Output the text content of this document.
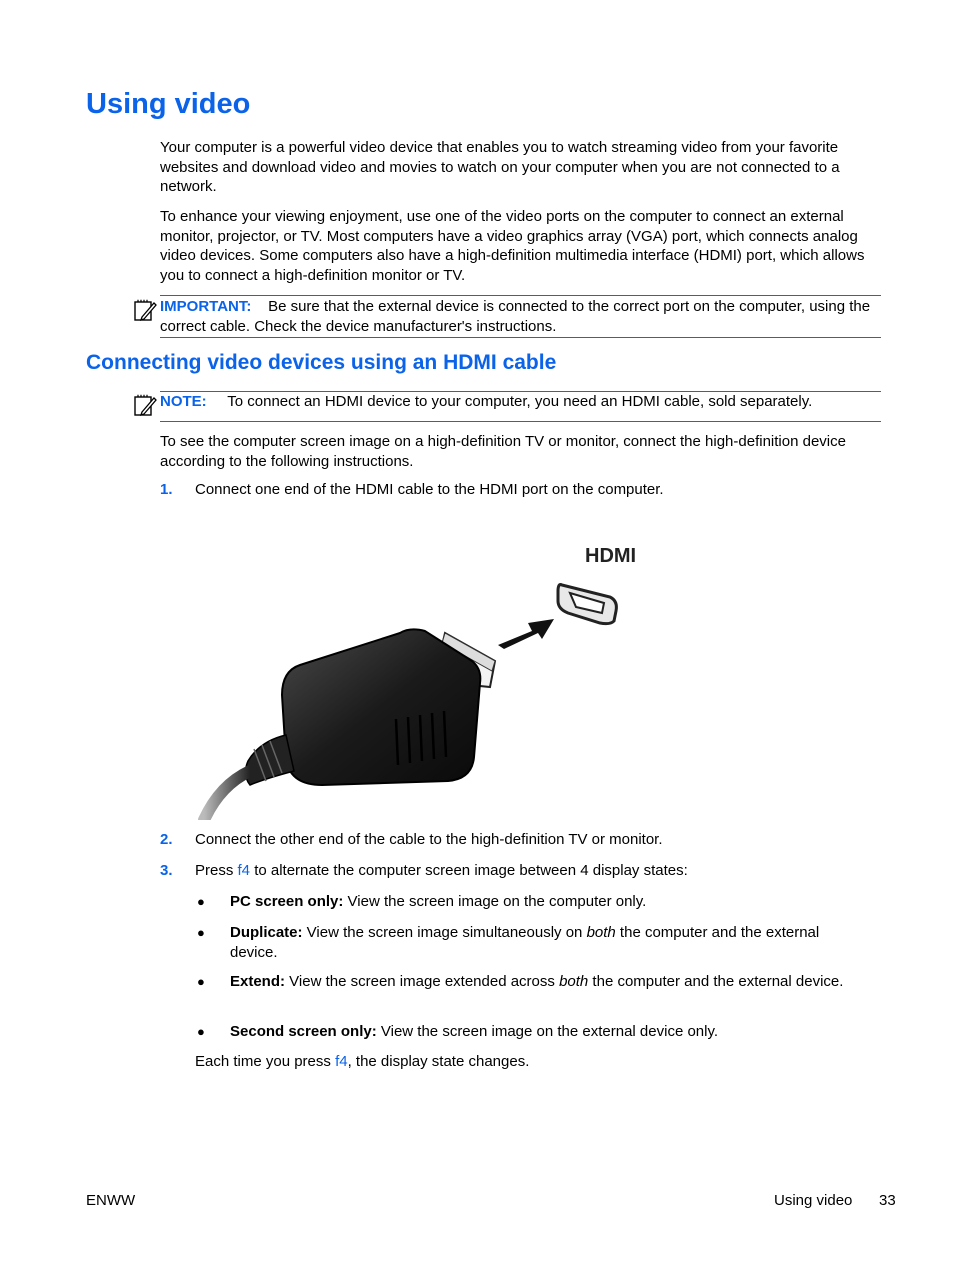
Using video
Your computer is a powerful video device that enables you to watch streaming video from your favorite websites and download video and movies to watch on your computer when you are not connected to a network.
To enhance your viewing enjoyment, use one of the video ports on the computer to connect an external monitor, projector, or TV. Most computers have a video graphics array (VGA) port, which connects analog video devices. Some computers also have a high-definition multimedia interface (HDMI) port, which allows you to connect a high-definition monitor or TV.
IMPORTANT: Be sure that the external device is connected to the correct port on the computer, using the correct cable. Check the device manufacturer's instructions.
Connecting video devices using an HDMI cable
NOTE: To connect an HDMI device to your computer, you need an HDMI cable, sold separately.
To see the computer screen image on a high-definition TV or monitor, connect the high-definition device according to the following instructions.
1. Connect one end of the HDMI cable to the HDMI port on the computer.
HDMI
2. Connect the other end of the cable to the high-definition TV or monitor.
3. Press f4 to alternate the computer screen image between 4 display states:
● PC screen only: View the screen image on the computer only.
● Duplicate: View the screen image simultaneously on both the computer and the external device.
● Extend: View the screen image extended across both the computer and the external device.
● Second screen only: View the screen image on the external device only.
Each time you press f4, the display state changes.
ENWW	Using video 33
